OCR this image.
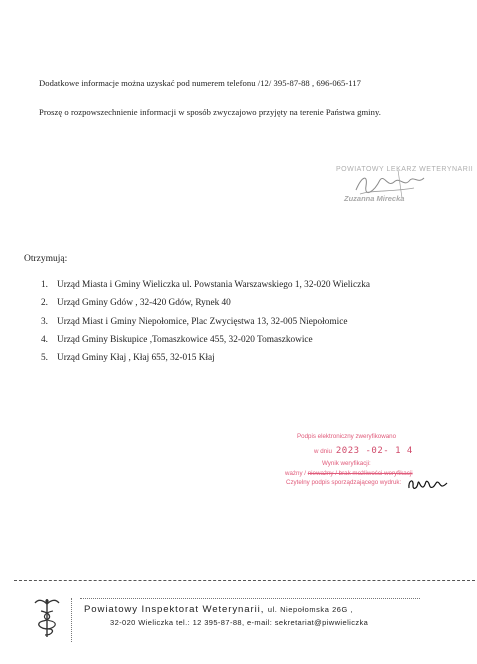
Dodatkowe informacje można uzyskać pod numerem telefonu /12/ 395-87-88 , 696-065-117
Proszę o rozpowszechnienie informacji w sposób zwyczajowo przyjęty na terenie Państwa gminy.
POWIATOWY LEKARZ WETERYNARII
Zuzanna Mirecka
Otrzymują:
1. Urząd Miasta i Gminy Wieliczka ul. Powstania Warszawskiego 1, 32-020 Wieliczka
2. Urząd Gminy Gdów , 32-420 Gdów, Rynek 40
3. Urząd Miast i Gminy Niepołomice, Plac Zwycięstwa 13, 32-005 Niepołomice
4. Urząd Gminy Biskupice ,Tomaszkowice 455, 32-020 Tomaszkowice
5. Urząd Gminy Kłaj , Kłaj 655, 32-015 Kłaj
Podpis elektroniczny zweryfikowano
w dniu 2023 -02- 1 4
Wynik weryfikacji:
ważny / nieważny / brak możliwości weryfikacji
Czytelny podpis sporządzającego wydruk:
Powiatowy Inspektorat Weterynarii, ul. Niepołomska 26G ,
32-020 Wieliczka tel.: 12 395-87-88, e-mail: sekretariat@piwwieliczka
